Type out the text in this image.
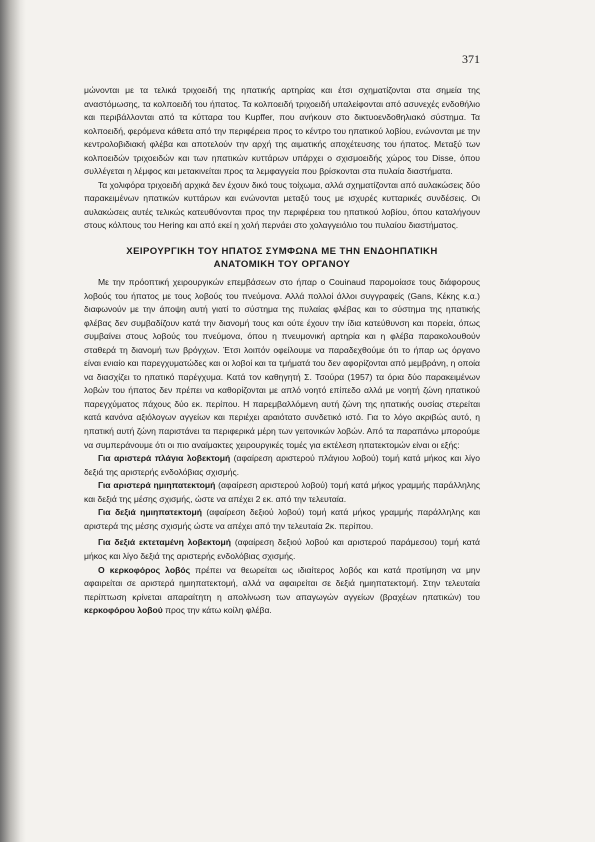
371

μώνονται με τα τελικά τριχοειδή της ηπατικής αρτηρίας και έτσι σχηματίζονται στα σημεία της αναστόμωσης, τα κολποειδή του ήπατος. Τα κολποειδή τριχοειδή υπαλείφονται από ασυνεχές ενδοθήλιο και περιβάλλονται από τα κύτταρα του Kupffer, που ανήκουν στο δικτυοενδοθηλιακό σύστημα. Τα κολποειδή, φερόμενα κάθετα από την περιφέρεια προς το κέντρο του ηπατικού λοβίου, ενώνονται με την κεντρολοβιδιακή φλέβα και αποτελούν την αρχή της αιματικής αποχέτευσης του ήπατος. Μεταξύ των κολποειδών τριχοειδών και των ηπατικών κυττάρων υπάρχει ο σχισμοειδής χώρος του Disse, όπου συλλέγεται η λέμφος και μετακινείται προς τα λεμφαγγεία που βρίσκονται στα πυλαία διαστήματα.

Τα χολιφόρα τριχοειδή αρχικά δεν έχουν δικό τους τοίχωμα, αλλά σχηματίζονται από αυλακώσεις δύο παρακειμένων ηπατικών κυττάρων και ενώνονται μεταξύ τους με ισχυρές κυτταρικές συνδέσεις. Οι αυλακώσεις αυτές τελικώς κατευθύνονται προς την περιφέρεια του ηπατικού λοβίου, όπου καταλήγουν στους κόλπους του Hering και από εκεί η χολή περνάει στο χολαγγειόλιο του πυλαίου διαστήματος.

ΧΕΙΡΟΥΡΓΙΚΗ ΤΟΥ ΗΠΑΤΟΣ ΣΥΜΦΩΝΑ ΜΕ ΤΗΝ ΕΝΔΟΗΠΑΤΙΚΗ
ΑΝΑΤΟΜΙΚΗ ΤΟΥ ΟΡΓΑΝΟΥ

Με την πρόοπτική χειρουργικών επεμβάσεων στο ήπαρ ο Couinaud παρομοίασε τους διάφορους λοβούς του ήπατος με τους λοβούς του πνεύμονα. Αλλά πολλοί άλλοι συγγραφείς (Gans, Κέκης κ.α.) διαφωνούν με την άποψη αυτή γιατί το σύστημα της πυλαίας φλέβας και το σύστημα της ηπατικής φλέβας δεν συμβαδίζουν κατά την διανομή τους και ούτε έχουν την ίδια κατεύθυνση και πορεία, όπως συμβαίνει στους λοβούς του πνεύμονα, όπου η πνευμονική αρτηρία και η φλέβα παρακολουθούν σταθερά τη διανομή των βρόγχων. Έτσι λοιπόν οφείλουμε να παραδεχθούμε ότι το ήπαρ ως όργανο είναι ενιαίο και παρεγχυματώδες και οι λοβοί και τα τμήματά του δεν αφορίζονται από μεμβράνη, η οποία να διασχίζει το ηπατικό παρέγχυμα. Κατά τον καθηγητή Σ. Τσούρα (1957) τα όρια δύο παρακειμένων λοβών του ήπατος δεν πρέπει να καθορίζονται με απλό νοητό επίπεδο αλλά με νοητή ζώνη ηπατικού παρεγχύματος πάχους δύο εκ. περίπου. Η παρεμβαλλόμενη αυτή ζώνη της ηπατικής ουσίας στερείται κατά κανόνα αξιόλογων αγγείων και περιέχει αραιότατο συνδετικό ιστό. Για το λόγο ακριβώς αυτό, η ηπατική αυτή ζώνη παριστάνει τα περιφερικά μέρη των γειτονικών λοβών. Από τα παραπάνω μπορούμε να συμπεράνουμε ότι οι πιο αναίμακτες χειρουργικές τομές για εκτέλεση ηπατεκτομών είναι οι εξής:

Για αριστερά πλάγια λοβεκτομή (αφαίρεση αριστερού πλάγιου λοβού) τομή κατά μήκος και λίγο δεξιά της αριστερής ενδολόβιας σχισμής.

Για αριστερά ημιηπατεκτομή (αφαίρεση αριστερού λοβού) τομή κατά μήκος γραμμής παράλληλης και δεξιά της μέσης σχισμής, ώστε να απέχει 2 εκ. από την τελευταία.

Για δεξιά ημιηπατεκτομή (αφαίρεση δεξιού λοβού) τομή κατά μήκος γραμμής παράλληλης και αριστερά της μέσης σχισμής ώστε να απέχει από την τελευταία 2κ. περίπου.

Για δεξιά εκτεταμένη λοβεκτομή (αφαίρεση δεξιού λοβού και αριστερού παράμεσου) τομή κατά μήκος και λίγο δεξιά της αριστερής ενδολόβιας σχισμής.

Ο κερκοφόρος λοβός πρέπει να θεωρείται ως ιδιαίτερος λοβός και κατά προτίμηση να μην αφαιρείται σε αριστερά ημιηπατεκτομή, αλλά να αφαιρείται σε δεξιά ημιηπατεκτομή. Στην τελευταία περίπτωση κρίνεται απαραίτητη η απολίνωση των απαγωγών αγγείων (βραχέων ηπατικών) του κερκοφόρου λοβού προς την κάτω κοίλη φλέβα.
